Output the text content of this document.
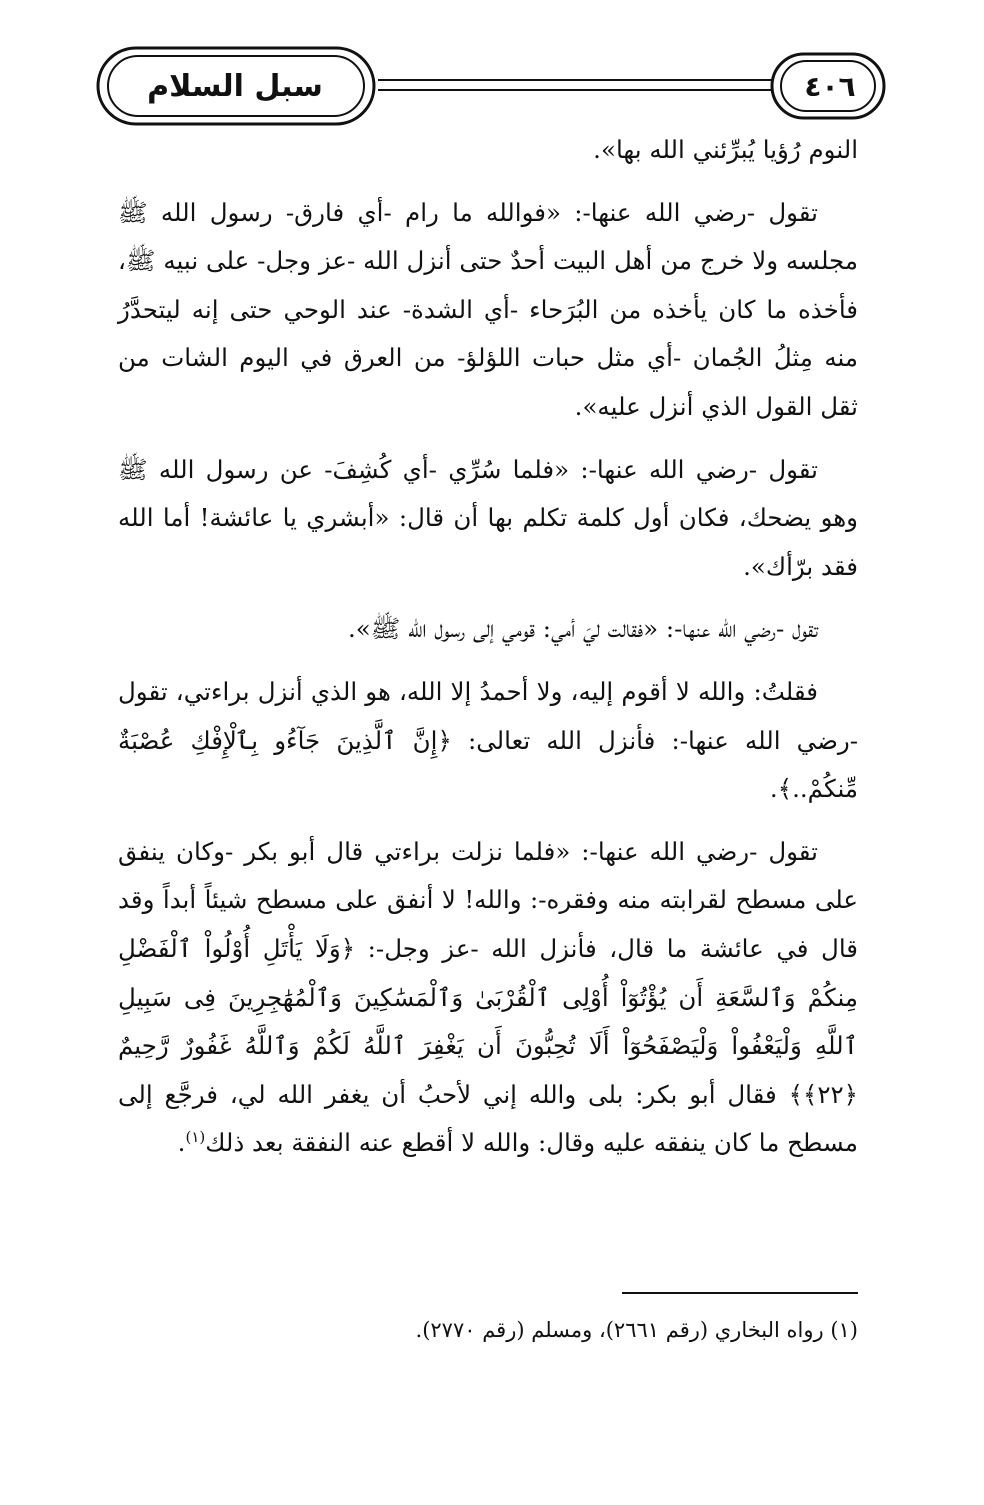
سبل السلام	٤٠٦

النوم رُؤيا يُبرِّئني الله بها».

تقول -رضي الله عنها-: «فوالله ما رام -أي فارق- رسول الله ﷺ مجلسه ولا خرج من أهل البيت أحدٌ حتى أنزل الله -عز وجل- على نبيه ﷺ، فأخذه ما كان يأخذه من البُرَحاء -أي الشدة- عند الوحي حتى إنه ليتحدَّرُ منه مِثلُ الجُمان -أي مثل حبات اللؤلؤ- من العرق في اليوم الشات من ثقل القول الذي أنزل عليه».

تقول -رضي الله عنها-: «فلما سُرِّي -أي كُشِفَ- عن رسول الله ﷺ وهو يضحك، فكان أول كلمة تكلم بها أن قال: «أبشري يا عائشة! أما الله فقد برّأك».

تقول -رضي الله عنها-: «فقالت ليَ أمي: قومي إلى رسول الله ﷺ».

فقلتُ: والله لا أقوم إليه، ولا أحمدُ إلا الله، هو الذي أنزل براءتي، تقول -رضي الله عنها-: فأنزل الله تعالى: ﴿إِنَّ ٱلَّذِينَ جَآءُو بِٱلْإِفْكِ عُصْبَةٌ مِّنكُمْ..﴾.

تقول -رضي الله عنها-: «فلما نزلت براءتي قال أبو بكر -وكان ينفق على مسطح لقرابته منه وفقره-: والله! لا أنفق على مسطح شيئاً أبداً وقد قال في عائشة ما قال، فأنزل الله -عز وجل-: ﴿وَلَا يَأْتَلِ أُوْلُواْ ٱلْفَضْلِ مِنكُمْ وَٱلسَّعَةِ أَن يُؤْتُوٓاْ أُوْلِى ٱلْقُرْبَىٰ وَٱلْمَسَٰكِينَ وَٱلْمُهَٰجِرِينَ فِى سَبِيلِ ٱللَّهِ وَلْيَعْفُواْ وَلْيَصْفَحُوٓاْ أَلَا تُحِبُّونَ أَن يَغْفِرَ ٱللَّهُ لَكُمْ وَٱللَّهُ غَفُورٌ رَّحِيمٌ ﴿٢٢﴾﴾ فقال أبو بكر: بلى والله إني لأحبُ أن يغفر الله لي، فرجَّع إلى مسطح ما كان ينفقه عليه وقال: والله لا أقطع عنه النفقة بعد ذلك$^{(١)}$.

(١) رواه البخاري (رقم ٢٦٦١)، ومسلم (رقم ٢٧٧٠).
